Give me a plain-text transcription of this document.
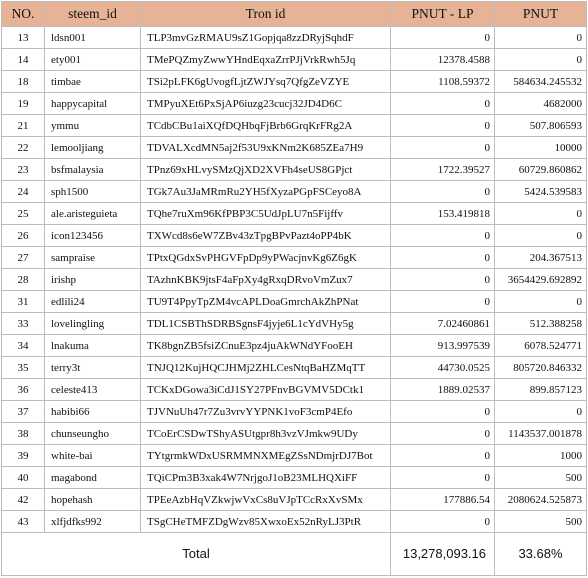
NO.	steem_id	Tron id	PNUT - LP	PNUT
13	ldsn001	TLP3mvGzRMAU9sZ1Gopjqa8zzDRyjSqhdF	0	0
14	ety001	TMePQZmyZwwYHndEqxaZrrPJjVrkRwh5Jq	12378.4588	0
18	timbae	TSi2pLFK6gUvogfLjtZWJYsq7QfgZeVZYE	1108.59372	584634.245532
19	happycapital	TMPyuXEt6PxSjAP6iuzg23cucj32JD4D6C	0	4682000
21	ymmu	TCdbCBu1aiXQfDQHbqFjBrb6GrqKrFRg2A	0	507.806593
22	lemooljiang	TDVALXcdMN5aj2f53U9xKNm2K685ZEa7H9	0	10000
23	bsfmalaysia	TPnz69xHLvySMzQjXD2XVFh4seUS8GPjct	1722.39527	60729.860862
24	sph1500	TGk7Au3JaMRmRu2YH5fXyzaPGpFSCeyo8A	0	5424.539583
25	ale.aristeguieta	TQhe7ruXm96KfPBP3C5UdJpLU7n5Fijffv	153.419818	0
26	icon123456	TXWcd8s6eW7ZBv43zTpgBPvPazt4oPP4bK	0	0
27	sampraise	TPtxQGdxSvPHGVFpDp9yPWacjnvKg6Z6gK	0	204.367513
28	irishp	TAzhnKBK9jtsF4aFpXy4gRxqDRvoVmZux7	0	3654429.692892
31	edlili24	TU9T4PpyTpZM4vcAPLDoaGmrchAkZhPNat	0	0
33	lovelingling	TDL1CSBThSDRBSgnsF4jyje6L1cYdVHy5g	7.02460861	512.388258
34	lnakuma	TK8bgnZB5fsiZCnuE3pz4juAkWNdYFooEH	913.997539	6078.524771
35	terry3t	TNJQ12KujHQCJHMj2ZHLCesNtqBaHZMqTT	44730.0525	805720.846332
36	celeste413	TCKxDGowa3iCdJ1SY27PFnvBGVMV5DCtk1	1889.02537	899.857123
37	habibi66	TJVNuUh47r7Zu3vrvYYPNK1voF3cmP4Efo	0	0
38	chunseungho	TCoErCSDwTShyASUtgpr8h3vzVJmkw9UDy	0	1143537.001878
39	white-bai	TYtgrmkWDxUSRMMNXMEgZSsNDmjrDJ7Bot	0	1000
40	magabond	TQiCPm3B3xak4W7NrjgoJ1oB23MLHQXiFF	0	500
42	hopehash	TPEeAzbHqVZkwjwVxCs8uVJpTCcRxXvSMx	177886.54	2080624.525873
43	xlfjdfks992	TSgCHeTMFZDgWzv85XwxoEx52nRyLJ3PtR	0	500
Total			13,278,093.16	33.68%
